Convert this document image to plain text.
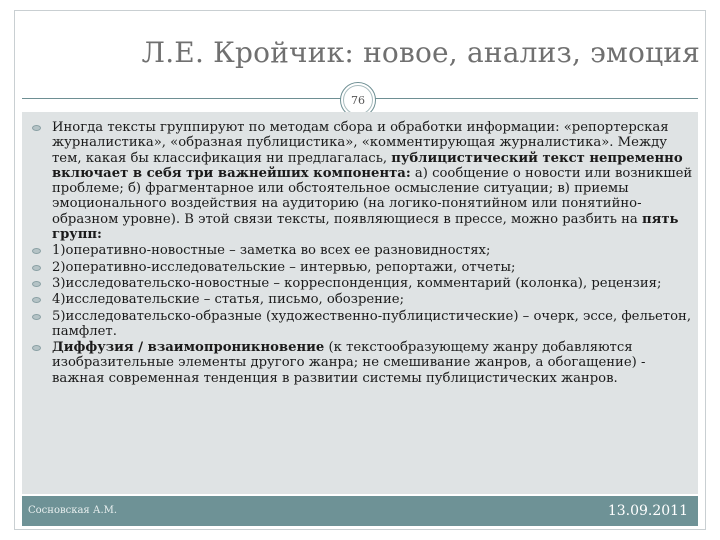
Л.Е. Кройчик: новое, анализ, эмоция
76
Иногда тексты группируют по методам сбора и обработки информации: «репортерская журналистика», «образная публицистика», «комментирующая журналистика». Между тем, какая бы классификация ни предлагалась, публицистический текст непременно включает в себя три важнейших компонента: а) сообщение о новости или возникшей проблеме; б) фрагментарное или обстоятельное осмысление ситуации; в) приемы эмоционального воздействия на аудиторию (на логико-понятийном или понятийно-образном уровне). В этой связи тексты, появляющиеся в прессе, можно разбить на пять групп:
1)оперативно-новостные – заметка во всех ее разновидностях;
2)оперативно-исследовательские – интервью, репортажи, отчеты;
3)исследовательско-новостные – корреспонденция, комментарий (колонка), рецензия;
4)исследовательские – статья, письмо, обозрение;
5)исследовательско-образные (художественно-публицистические) – очерк, эссе, фельетон, памфлет.
Диффузия / взаимопроникновение (к текстообразующему жанру добавляются изобразительные элементы другого жанра; не смешивание жанров, а обогащение) - важная современная тенденция в развитии системы публицистических жанров.
Сосновская А.М.	13.09.2011
